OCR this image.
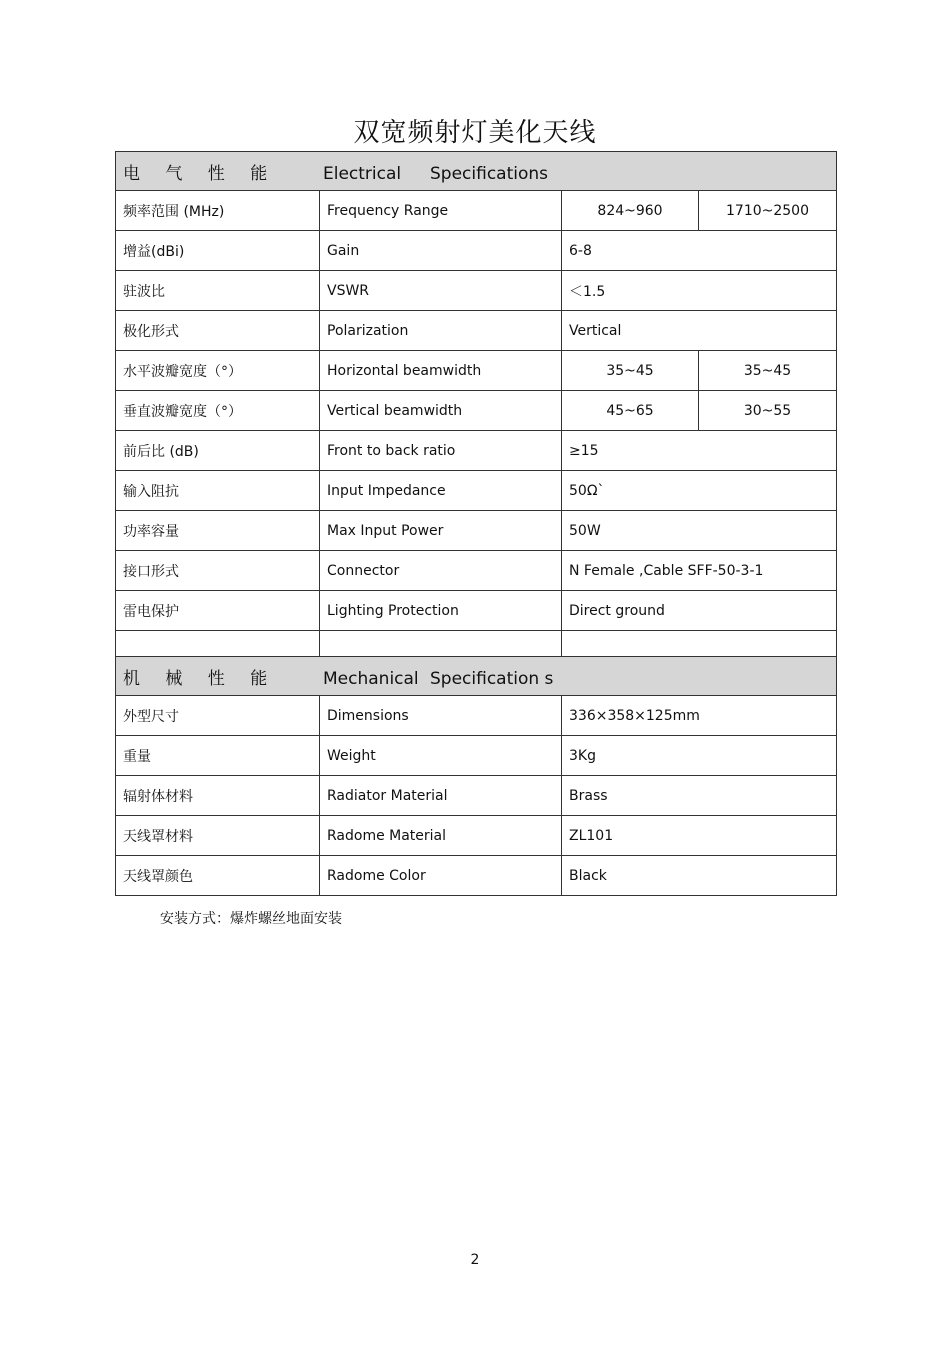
双宽频射灯美化天线
电 气 性 能 Electrical Specifications			
频率范围 (MHz)	Frequency Range	824~960	1710~2500
增益(dBi)	Gain	6-8	
驻波比	VSWR	＜1.5	
极化形式	Polarization	Vertical	
水平波瓣宽度（°）	Horizontal beamwidth	35~45	35~45
垂直波瓣宽度（°）	Vertical beamwidth	45~65	30~55
前后比 (dB)	Front to back ratio	≥15	
输入阻抗	Input Impedance	50Ω`	
功率容量	Max Input Power	50W	
接口形式	Connector	N Female ,Cable SFF-50-3-1	
雷电保护	Lighting Protection	Direct ground	

机 械 性 能 Mechanical Specification s			
外型尺寸	Dimensions	336×358×125mm	
重量	Weight	3Kg	
辐射体材料	Radiator Material	Brass	
天线罩材料	Radome Material	ZL101	
天线罩颜色	Radome Color	Black	
安装方式：爆炸螺丝地面安装
2
